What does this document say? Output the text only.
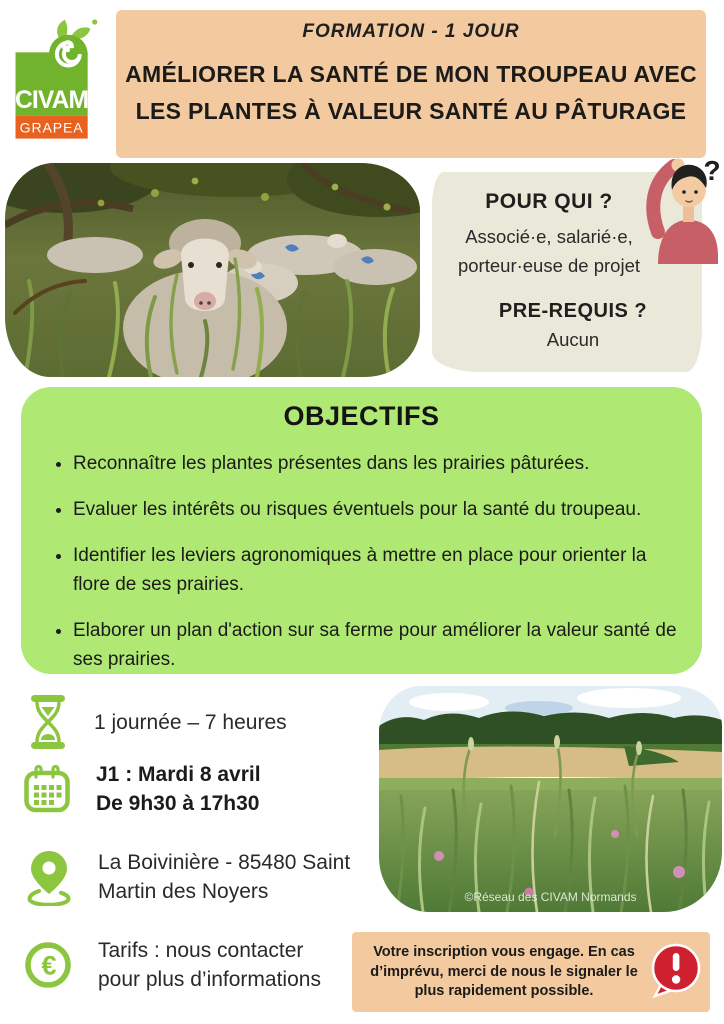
CIVAM
GRAPEA
FORMATION - 1 JOUR
AMÉLIORER LA SANTÉ DE MON TROUPEAU AVEC
LES PLANTES À VALEUR SANTÉ AU PÂTURAGE
POUR QUI ?
Associé·e, salarié·e,
porteur·euse de projet
PRE-REQUIS ?
Aucun
?
OBJECTIFS
• Reconnaître les plantes présentes dans les prairies pâturées.
• Evaluer les intérêts ou risques éventuels pour la santé du troupeau.
• Identifier les leviers agronomiques à mettre en place pour orienter la flore de ses prairies.
• Elaborer un plan d'action sur sa ferme pour améliorer la valeur santé de ses prairies.
1 journée – 7 heures
J1 : Mardi 8 avril
De 9h30 à 17h30
La Boivinière - 85480 Saint Martin des Noyers
€ Tarifs : nous contacter pour plus d’informations
©Réseau des CIVAM Normands
Votre inscription vous engage. En cas d’imprévu, merci de nous le signaler le plus rapidement possible.
